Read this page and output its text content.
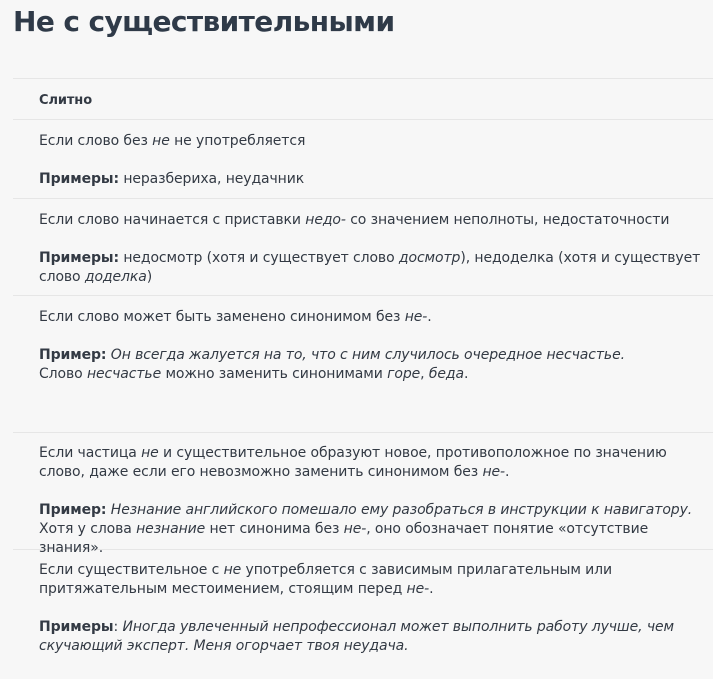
Не с существительными
Слитно

Если слово без не не употребляется

Примеры: неразбериха, неудачник

Если слово начинается с приставки недо- со значением неполноты, недостаточности

Примеры: недосмотр (хотя и существует слово досмотр), недоделка (хотя и существует слово доделка)

Если слово может быть заменено синонимом без не-.

Пример: Он всегда жалуется на то, что с ним случилось очередное несчастье.

Слово несчастье можно заменить синонимами горе, беда.

Если частица не и существительное образуют новое, противоположное по значению слово, даже если его невозможно заменить синонимом без не-.

Пример: Незнание английского помешало ему разобраться в инструкции к навигатору.

Хотя у слова незнание нет синонима без не-, оно обозначает понятие «отсутствие знания».

Если существительное с не употребляется с зависимым прилагательным или притяжательным местоимением, стоящим перед не-.

Примеры: Иногда увлеченный непрофессионал может выполнить работу лучше, чем скучающий эксперт. Меня огорчает твоя неудача.
